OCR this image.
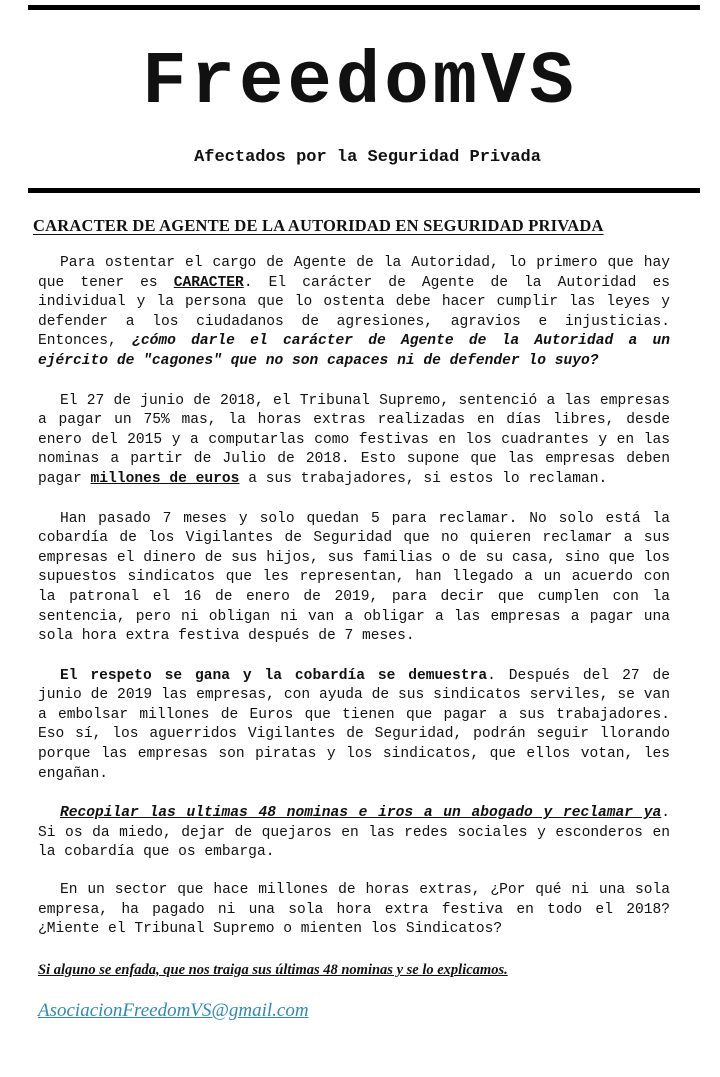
FreedomVS
Afectados por la Seguridad Privada
CARACTER DE AGENTE DE LA AUTORIDAD EN SEGURIDAD PRIVADA

Para ostentar el cargo de Agente de la Autoridad, lo primero que hay que tener es CARACTER. El carácter de Agente de la Autoridad es individual y la persona que lo ostenta debe hacer cumplir las leyes y defender a los ciudadanos de agresiones, agravios e injusticias. Entonces, ¿cómo darle el carácter de Agente de la Autoridad a un ejército de "cagones" que no son capaces ni de defender lo suyo?

El 27 de junio de 2018, el Tribunal Supremo, sentenció a las empresas a pagar un 75% mas, la horas extras realizadas en días libres, desde enero del 2015 y a computarlas como festivas en los cuadrantes y en las nominas a partir de Julio de 2018. Esto supone que las empresas deben pagar millones de euros a sus trabajadores, si estos lo reclaman.

Han pasado 7 meses y solo quedan 5 para reclamar. No solo está la cobardía de los Vigilantes de Seguridad que no quieren reclamar a sus empresas el dinero de sus hijos, sus familias o de su casa, sino que los supuestos sindicatos que les representan, han llegado a un acuerdo con la patronal el 16 de enero de 2019, para decir que cumplen con la sentencia, pero ni obligan ni van a obligar a las empresas a pagar una sola hora extra festiva después de 7 meses.

El respeto se gana y la cobardía se demuestra. Después del 27 de junio de 2019 las empresas, con ayuda de sus sindicatos serviles, se van a embolsar millones de Euros que tienen que pagar a sus trabajadores. Eso sí, los aguerridos Vigilantes de Seguridad, podrán seguir llorando porque las empresas son piratas y los sindicatos, que ellos votan, les engañan.

Recopilar las ultimas 48 nominas e iros a un abogado y reclamar ya. Si os da miedo, dejar de quejaros en las redes sociales y esconderos en la cobardía que os embarga.

En un sector que hace millones de horas extras, ¿Por qué ni una sola empresa, ha pagado ni una sola hora extra festiva en todo el 2018? ¿Miente el Tribunal Supremo o mienten los Sindicatos?

Si alguno se enfada, que nos traiga sus últimas 48 nominas y se lo explicamos.
AsociacionFreedomVS@gmail.com
